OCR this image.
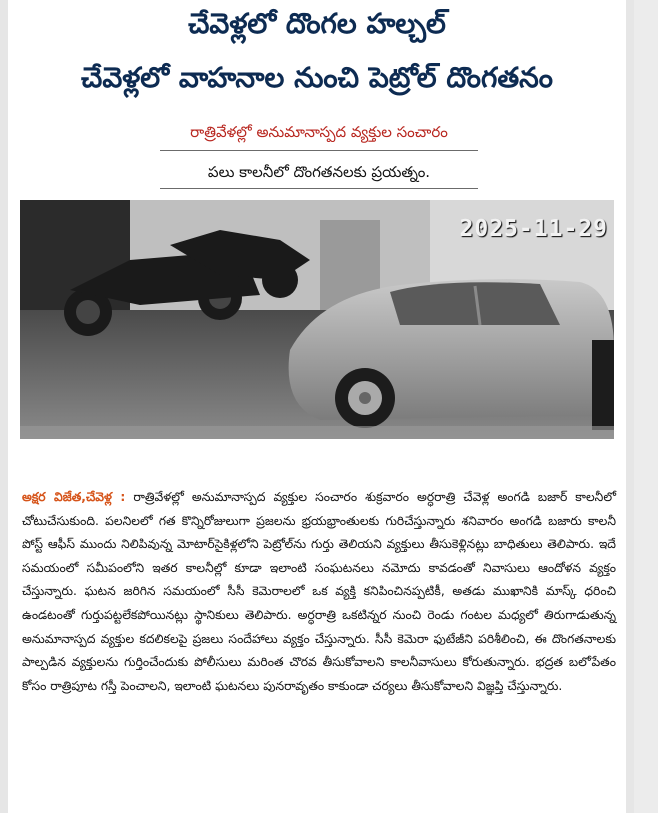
చేవెళ్లలో దొంగల హల్చల్
చేవెళ్లలో వాహనాల నుంచి పెట్రోల్ దొంగతనం
రాత్రివేళల్లో అనుమానాస్పద వ్యక్తుల సంచారం
పలు కాలనీలో దొంగతనలకు ప్రయత్నం.
2025-11-29
అక్షర విజేత,చేవెళ్ల : రాత్రివేళల్లో అనుమానాస్పద వ్యక్తుల సంచారం శుక్రవారం అర్ధరాత్రి చేవెళ్ల అంగడి బజార్ కాలనీలో చోటుచేసుకుంది. పలనిలలో గత కొన్నిరోజులుగా ప్రజలను భ్రయభ్రాంతులకు గురిచేస్తున్నారు శనివారం అంగడి బజారు కాలనీ పోస్ట్ ఆఫీస్ ముందు నిలిపివున్న మోటార్‌సైకిళ్లలోని పెట్రోల్‌ను గుర్తు తెలియని వ్యక్తులు తీసుకెళ్లినట్లు బాధితులు తెలిపారు. ఇదే సమయంలో సమీపంలోని ఇతర కాలనీల్లో కూడా ఇలాంటి సంఘటనలు నమోదు కావడంతో నివాసులు ఆందోళన వ్యక్తం చేస్తున్నారు. ఘటన జరిగిన సమయంలో సీసీ కెమెరాలలో ఒక వ్యక్తి కనిపించినప్పటికీ, అతడు ముఖానికి మాస్క్ ధరించి ఉండటంతో గుర్తుపట్టలేకపోయినట్లు స్థానికులు తెలిపారు. అర్ధరాత్రి ఒకటిన్నర నుంచి రెండు గంటల మధ్యలో తిరుగాడుతున్న అనుమానాస్పద వ్యక్తుల కదలికలపై ప్రజలు సందేహాలు వ్యక్తం చేస్తున్నారు. సీసీ కెమెరా ఫుటేజీని పరిశీలించి, ఈ దొంగతనాలకు పాల్పడిన వ్యక్తులను గుర్తించేందుకు పోలీసులు మరింత చొరవ తీసుకోవాలని కాలనీవాసులు కోరుతున్నారు. భద్రత బలోపేతం కోసం రాత్రిపూట గస్తీ పెంచాలని, ఇలాంటి ఘటనలు పునరావృతం కాకుండా చర్యలు తీసుకోవాలని విజ్ఞప్తి చేస్తున్నారు.
